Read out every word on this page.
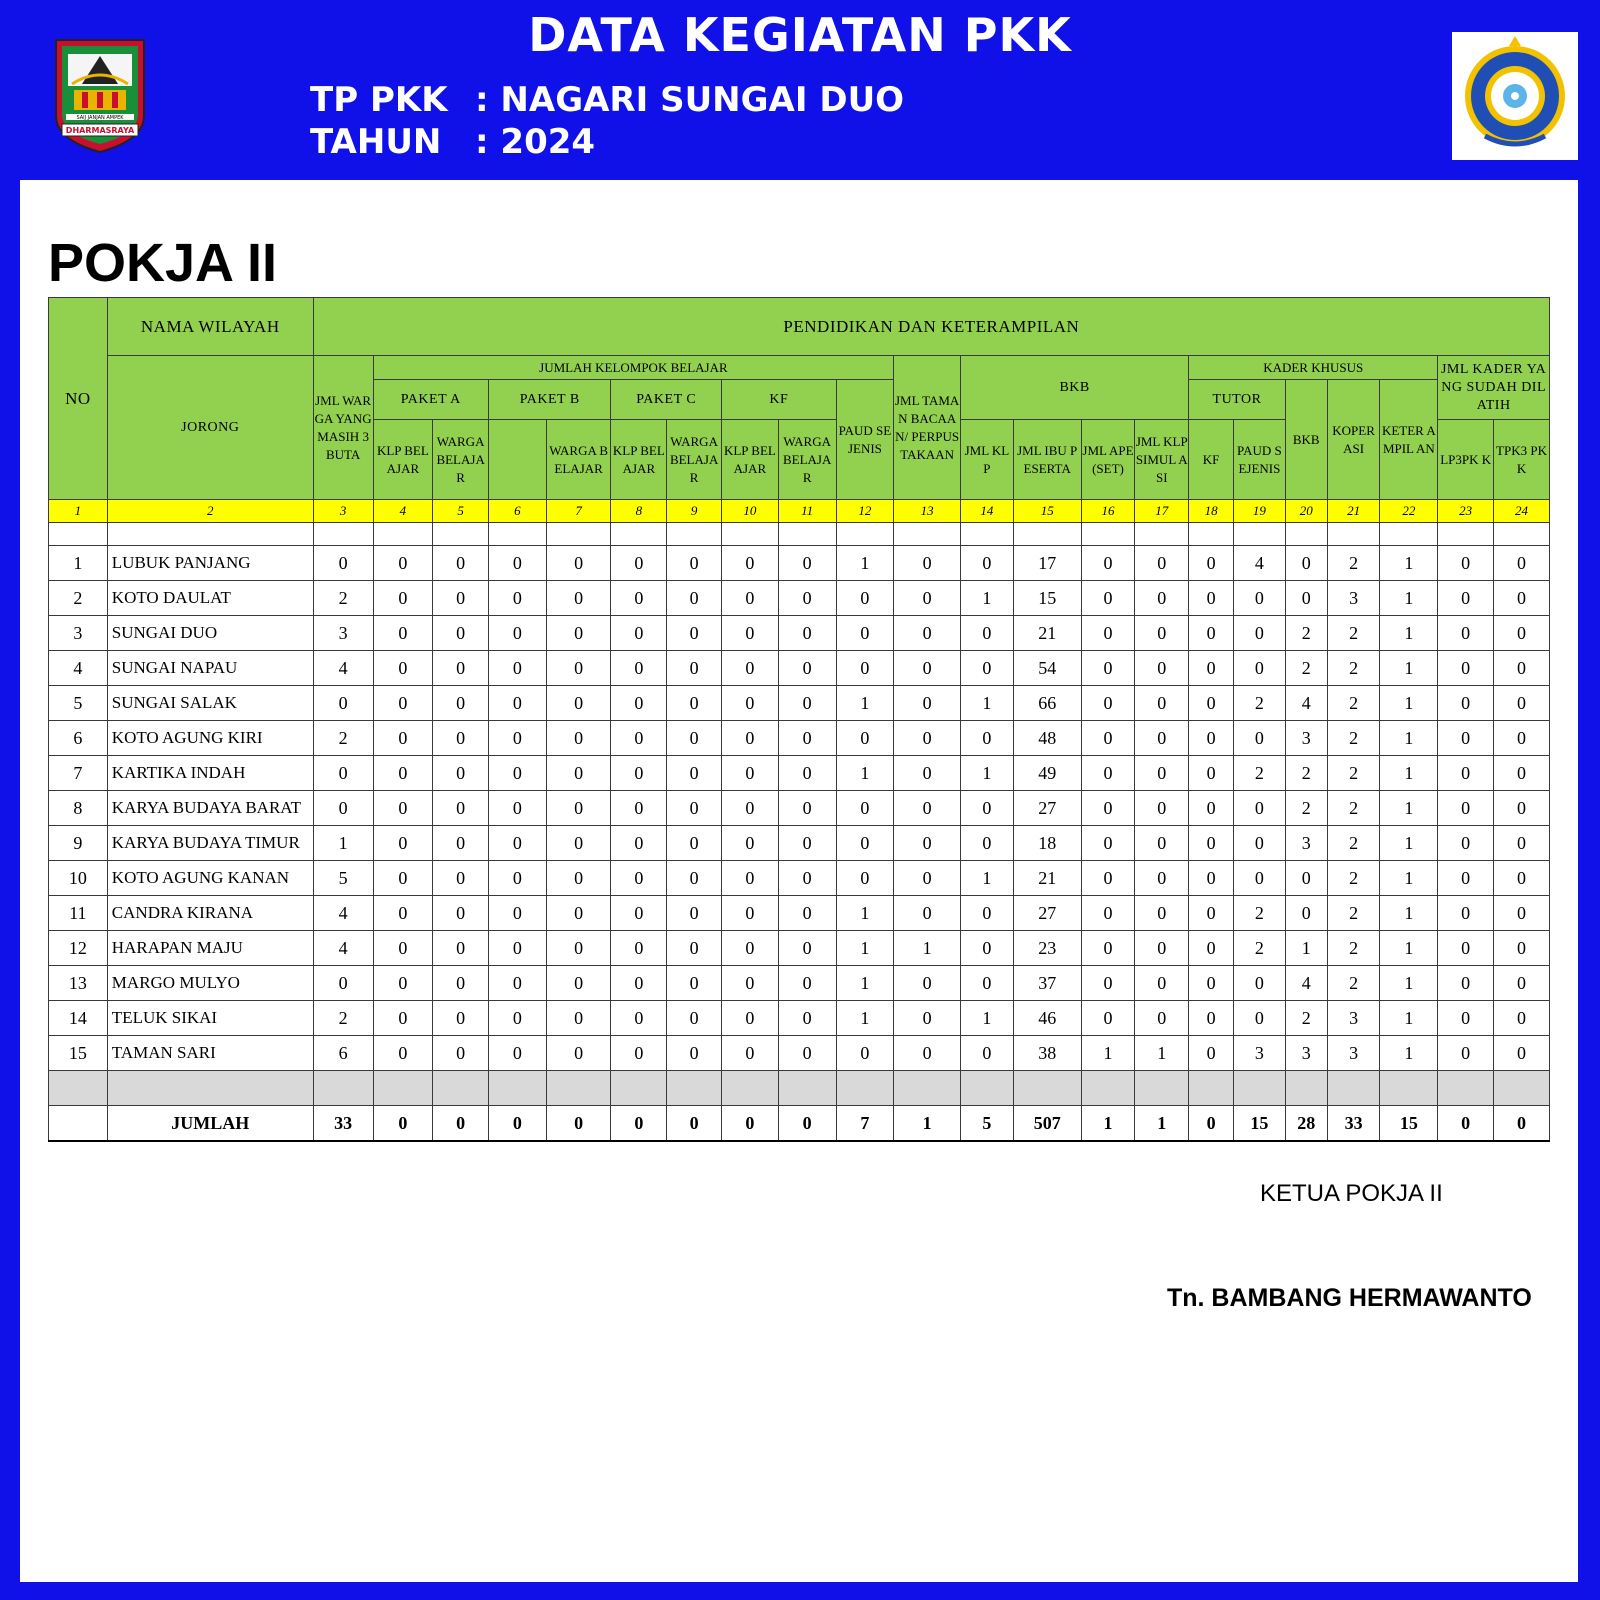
DATA KEGIATAN PKK
TP PKK : NAGARI SUNGAI DUO
TAHUN : 2024
SAIJ JANJAN AMPEK
DHARMASRAYA
POKJA II
NO	NAMA WILAYAH	PENDIDIKAN DAN KETERAMPILAN																					
	JORONG	JML WARGA YANG MASIH 3 BUTA	JUMLAH KELOMPOK BELAJAR									JML TAMAN BACAAN/ PERPUS TAKAAN	BKB				KADER KHUSUS					JML KADER YANG SUDAH DILATIH	
			PAKET A		PAKET B		PAKET C		KF		PAUD SEJENIS						TUTOR		BKB	KOPER ASI	KETER AMPIL AN		
			KLP BELAJAR	WARGA BELAJAR		WARGA BELAJAR	KLP BELAJAR	WARGA BELAJAR	KLP BELAJAR	WARGA BELAJAR			JML KLP	JML IBU PESERTA	JML APE (SET)	JML KLP SIMUL ASI	KF	PAUD SEJENIS				LP3PK K	TPK3 PKK
1	2	3	4	5	6	7	8	9	10	11	12	13	14	15	16	17	18	19	20	21	22	23	24

1	LUBUK PANJANG	0	0	0	0	0	0	0	0	0	1	0	0	17	0	0	0	4	0	2	1	0	0
2	KOTO DAULAT	2	0	0	0	0	0	0	0	0	0	0	1	15	0	0	0	0	0	3	1	0	0
3	SUNGAI DUO	3	0	0	0	0	0	0	0	0	0	0	0	21	0	0	0	0	2	2	1	0	0
4	SUNGAI NAPAU	4	0	0	0	0	0	0	0	0	0	0	0	54	0	0	0	0	2	2	1	0	0
5	SUNGAI SALAK	0	0	0	0	0	0	0	0	0	1	0	1	66	0	0	0	2	4	2	1	0	0
6	KOTO AGUNG KIRI	2	0	0	0	0	0	0	0	0	0	0	0	48	0	0	0	0	3	2	1	0	0
7	KARTIKA INDAH	0	0	0	0	0	0	0	0	0	1	0	1	49	0	0	0	2	2	2	1	0	0
8	KARYA BUDAYA BARAT	0	0	0	0	0	0	0	0	0	0	0	0	27	0	0	0	0	2	2	1	0	0
9	KARYA BUDAYA TIMUR	1	0	0	0	0	0	0	0	0	0	0	0	18	0	0	0	0	3	2	1	0	0
10	KOTO AGUNG KANAN	5	0	0	0	0	0	0	0	0	0	0	1	21	0	0	0	0	0	2	1	0	0
11	CANDRA KIRANA	4	0	0	0	0	0	0	0	0	1	0	0	27	0	0	0	2	0	2	1	0	0
12	HARAPAN MAJU	4	0	0	0	0	0	0	0	0	1	1	0	23	0	0	0	2	1	2	1	0	0
13	MARGO MULYO	0	0	0	0	0	0	0	0	0	1	0	0	37	0	0	0	0	4	2	1	0	0
14	TELUK SIKAI	2	0	0	0	0	0	0	0	0	1	0	1	46	0	0	0	0	2	3	1	0	0
15	TAMAN SARI	6	0	0	0	0	0	0	0	0	0	0	0	38	1	1	0	3	3	3	1	0	0

	JUMLAH	33	0	0	0	0	0	0	0	0	7	1	5	507	1	1	0	15	28	33	15	0	0
KETUA POKJA II
Tn. BAMBANG HERMAWANTO
